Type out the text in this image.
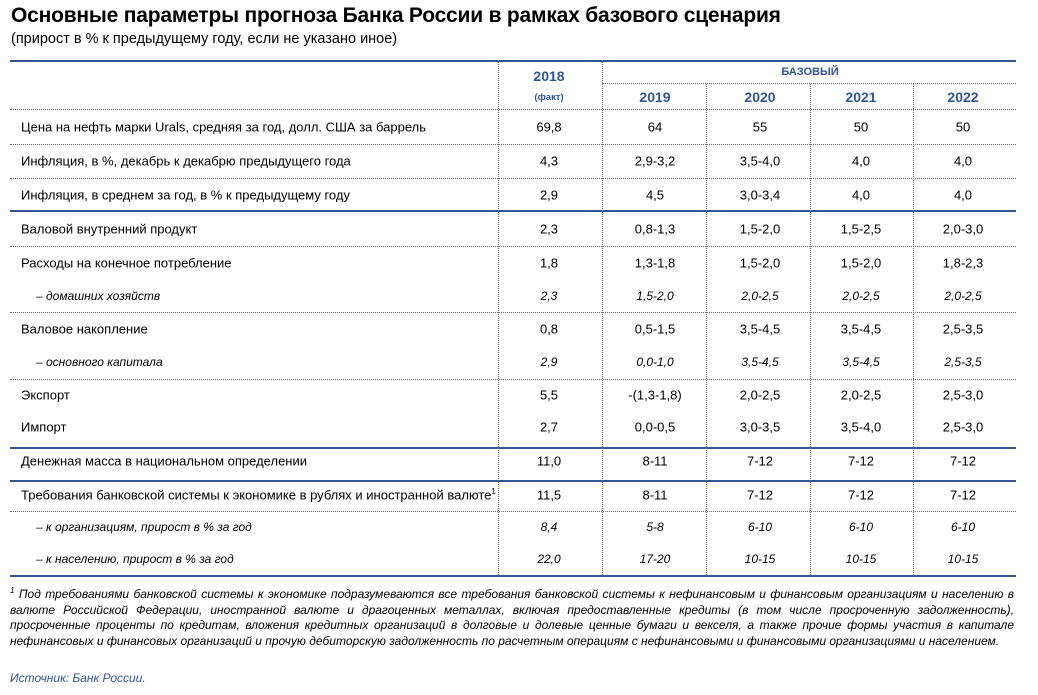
Основные параметры прогноза Банка России в рамках базового сценария
(прирост в % к предыдущему году, если не указано иное)
2018
(факт)
БАЗОВЫЙ
2019	2020	2021	2022
Цена на нефть марки Urals, средняя за год, долл. США за баррель	69,8	64	55	50	50
Инфляция, в %, декабрь к декабрю предыдущего года	4,3	2,9-3,2	3,5-4,0	4,0	4,0
Инфляция, в среднем за год, в % к предыдущему году	2,9	4,5	3,0-3,4	4,0	4,0
Валовой внутренний продукт	2,3	0,8-1,3	1,5-2,0	1,5-2,5	2,0-3,0
Расходы на конечное потребление	1,8	1,3-1,8	1,5-2,0	1,5-2,0	1,8-2,3
– домашних хозяйств	2,3	1,5-2,0	2,0-2,5	2,0-2,5	2,0-2,5
Валовое накопление	0,8	0,5-1,5	3,5-4,5	3,5-4,5	2,5-3,5
– основного капитала	2,9	0,0-1,0	3,5-4,5	3,5-4,5	2,5-3,5
Экспорт	5,5	-(1,3-1,8)	2,0-2,5	2,0-2,5	2,5-3,0
Импорт	2,7	0,0-0,5	3,0-3,5	3,5-4,0	2,5-3,0
Денежная масса в национальном определении	11,0	8-11	7-12	7-12	7-12
Требования банковской системы к экономике в рублях и иностранной валюте$^1$	11,5	8-11	7-12	7-12	7-12
– к организациям, прирост в % за год	8,4	5-8	6-10	6-10	6-10
– к населению, прирост в % за год	22,0	17-20	10-15	10-15	10-15
$^1$ Под требованиями банковской системы к экономике подразумеваются все требования банковской системы к нефинансовым и финансовым организациям и населению в валюте Российской Федерации, иностранной валюте и драгоценных металлах, включая предоставленные кредиты (в том числе просроченную задолженность), просроченные проценты по кредитам, вложения кредитных организаций в долговые и долевые ценные бумаги и векселя, а также прочие формы участия в капитале нефинансовых и финансовых организаций и прочую дебиторскую задолженность по расчетным операциям с нефинансовыми и финансовыми организациями и населением.
Источник: Банк России.
